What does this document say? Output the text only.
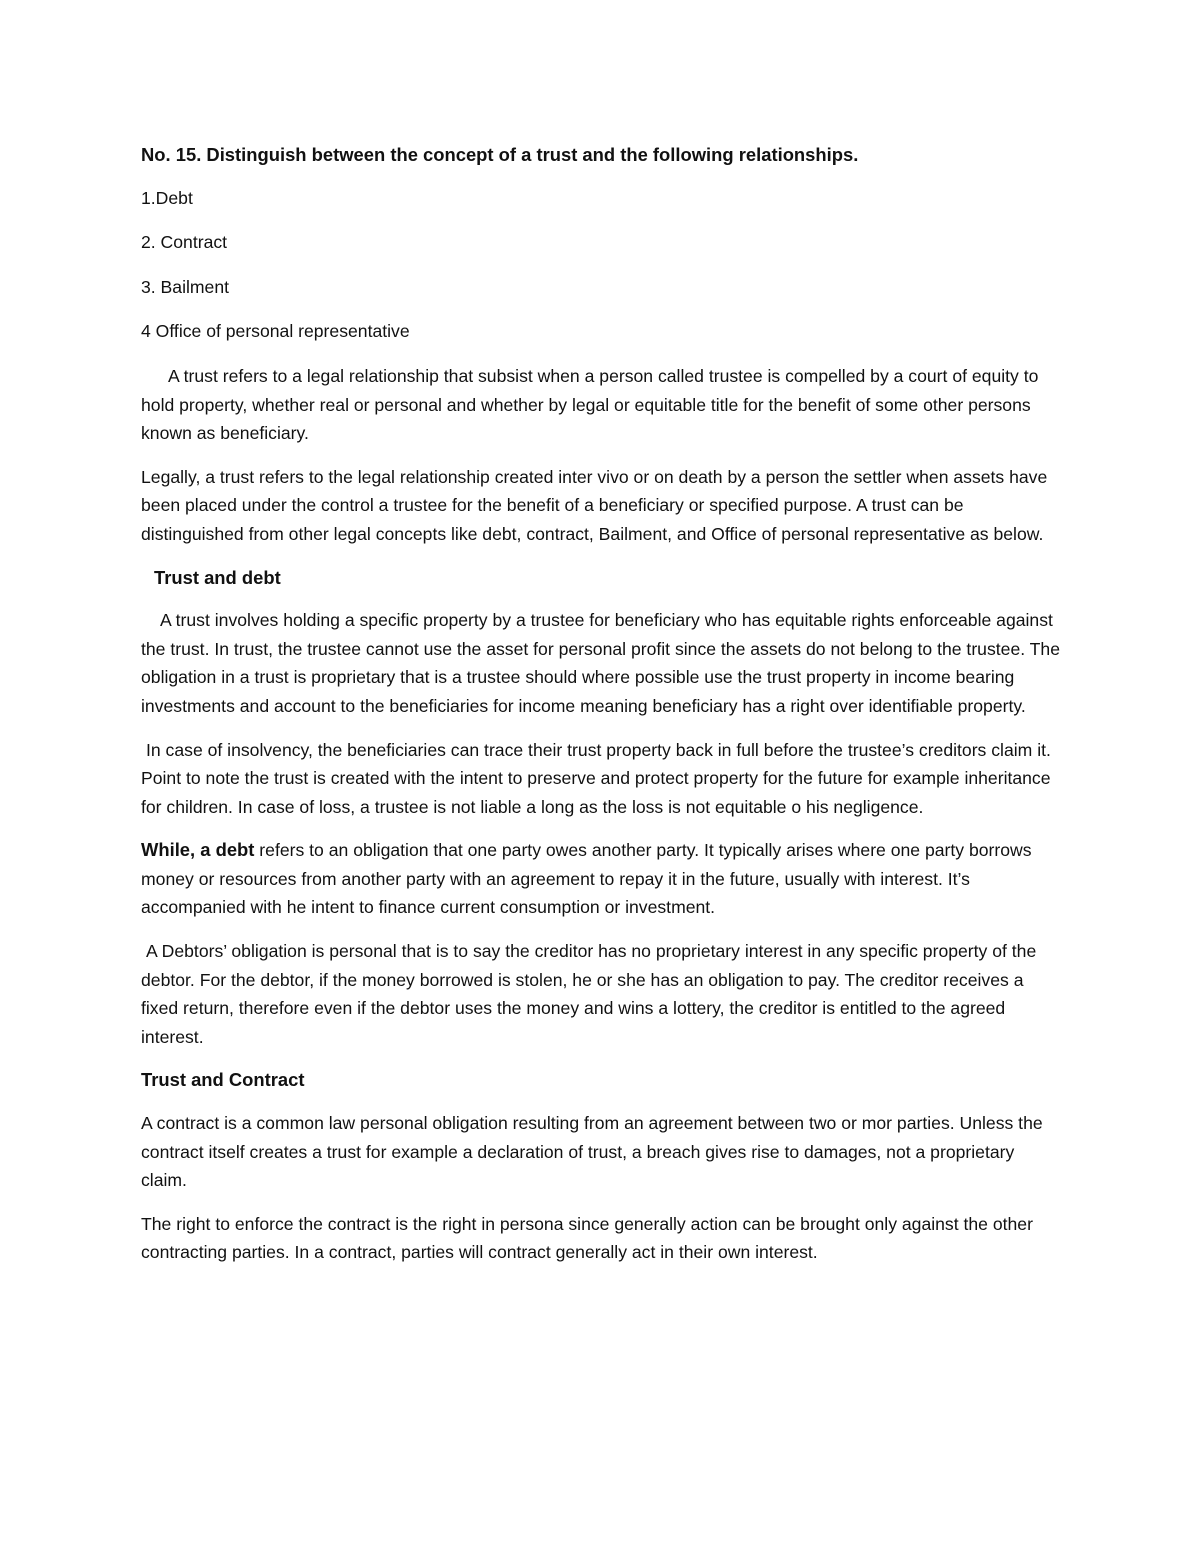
No. 15. Distinguish between the concept of a trust and the following relationships.

1.Debt

2. Contract

3. Bailment

4 Office of personal representative

A trust refers to a legal relationship that subsist when a person called trustee is compelled by a court of equity to hold property, whether real or personal and whether by legal or equitable title for the benefit of some other persons known as beneficiary.

Legally, a trust refers to the legal relationship created inter vivo or on death by a person the settler when assets have been placed under the control a trustee for the benefit of a beneficiary or specified purpose. A trust can be distinguished from other legal concepts like debt, contract, Bailment, and Office of personal representative as below.

Trust and debt

A trust involves holding a specific property by a trustee for beneficiary who has equitable rights enforceable against the trust. In trust, the trustee cannot use the asset for personal profit since the assets do not belong to the trustee. The obligation in a trust is proprietary that is a trustee should where possible use the trust property in income bearing investments and account to the beneficiaries for income meaning beneficiary has a right over identifiable property.

In case of insolvency, the beneficiaries can trace their trust property back in full before the trustee’s creditors claim it. Point to note the trust is created with the intent to preserve and protect property for the future for example inheritance for children. In case of loss, a trustee is not liable a long as the loss is not equitable o his negligence.

While, a debt refers to an obligation that one party owes another party. It typically arises where one party borrows money or resources from another party with an agreement to repay it in the future, usually with interest. It’s accompanied with he intent to finance current consumption or investment.

A Debtors’ obligation is personal that is to say the creditor has no proprietary interest in any specific property of the debtor. For the debtor, if the money borrowed is stolen, he or she has an obligation to pay. The creditor receives a fixed return, therefore even if the debtor uses the money and wins a lottery, the creditor is entitled to the agreed interest.

Trust and Contract

A contract is a common law personal obligation resulting from an agreement between two or mor parties. Unless the contract itself creates a trust for example a declaration of trust, a breach gives rise to damages, not a proprietary claim.

The right to enforce the contract is the right in persona since generally action can be brought only against the other contracting parties. In a contract, parties will contract generally act in their own interest.
